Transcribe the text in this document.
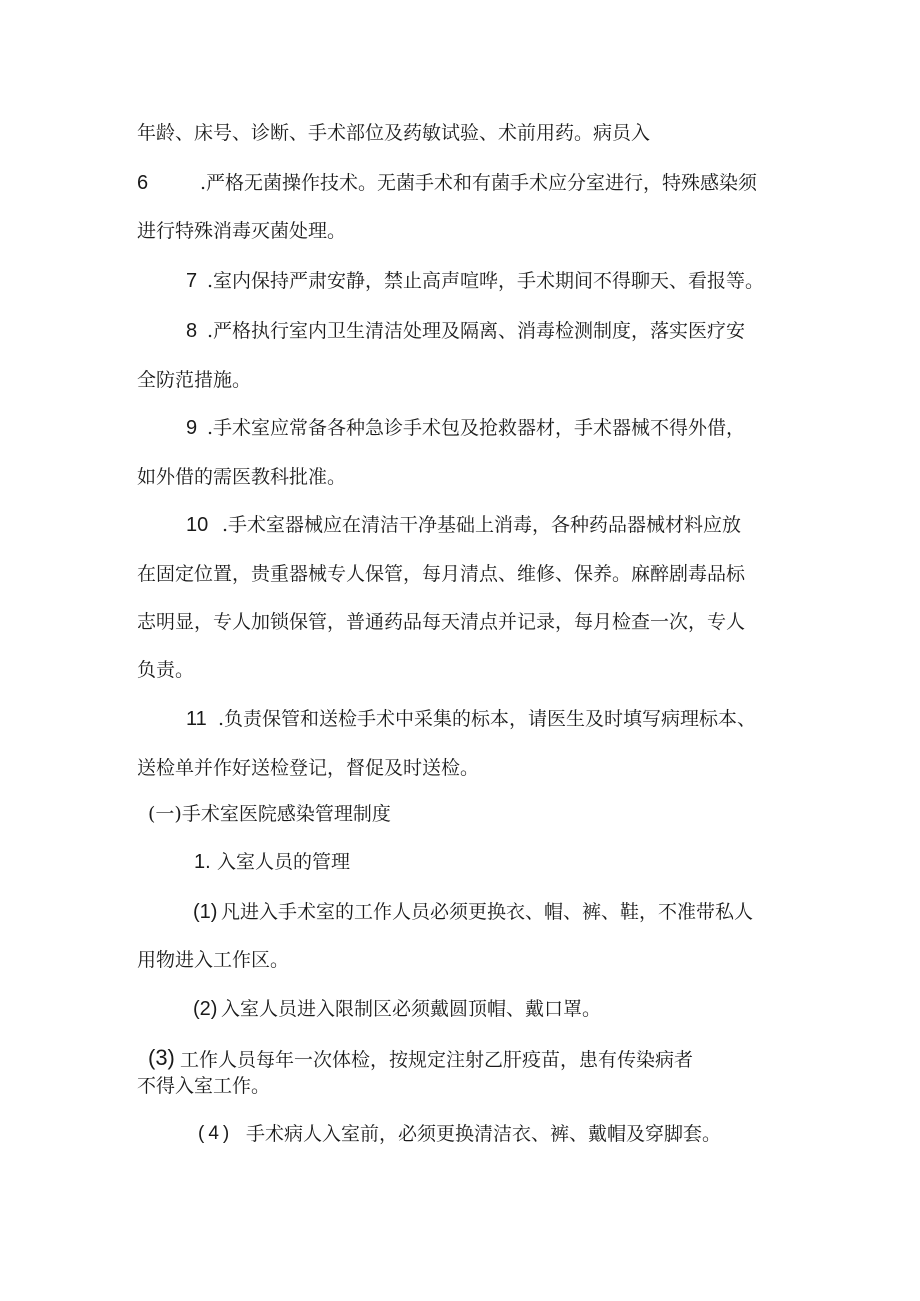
年龄、床号、诊断、手术部位及药敏试验、术前用药。病员入
6	.严格无菌操作技术。无菌手术和有菌手术应分室进行，特殊感染须
进行特殊消毒灭菌处理。
7 .室内保持严肃安静，禁止高声喧哗，手术期间不得聊天、看报等。
8 .严格执行室内卫生清洁处理及隔离、消毒检测制度，落实医疗安
全防范措施。
9 .手术室应常备各种急诊手术包及抢救器材，手术器械不得外借，
如外借的需医教科批准。
10 .手术室器械应在清洁干净基础上消毒，各种药品器械材料应放
在固定位置，贵重器械专人保管，每月清点、维修、保养。麻醉剧毒品标
志明显，专人加锁保管，普通药品每天清点并记录，每月检查一次，专人
负责。
11 .负责保管和送检手术中采集的标本，请医生及时填写病理标本、
送检单并作好送检登记，督促及时送检。
(一)手术室医院感染管理制度
1. 入室人员的管理
(1) 凡进入手术室的工作人员必须更换衣、帽、裤、鞋，不准带私人
用物进入工作区。
(2) 入室人员进入限制区必须戴圆顶帽、戴口罩。
(3) 工作人员每年一次体检，按规定注射乙肝疫苗，患有传染病者
不得入室工作。
(4) 手术病人入室前，必须更换清洁衣、裤、戴帽及穿脚套。
